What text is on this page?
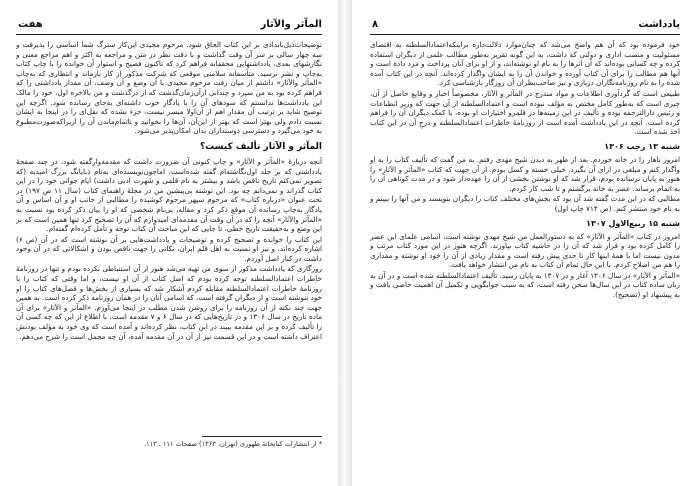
المآثر والآثار
هفت

توضیحات‌ذیل‌بانداذی بر این کتاب الحاق شود. مرحوم مجیدی این‌کار سترگ‌ شما اساسی را پذیرفت و سه چهار سالی بر سر آن وقت گذاشت و با دقت نظر در متن و مراجعه به اکثر و اهم مراجع معنی و نگارشهای بعدی، یادداشتهایی محققانه فراهم کرد که تاکنون فصیح و استوار آن خوانده را با چاپ کتاب به‌چاپ و نشر نرسید. متأسفانه سلامتی موقعی که شرکت مذکور از کار بازماند و انتظاری که به‌چاپ «المآثر والآثار» داشتم از میان رفت مرحوم مجیدی با آن وضع و آن وصف، آن مقدار یادداشتی را که فراهم کرده بود به من سپرد و چندانی ازآن‌زمان‌گذشت که از درگذشت و من بالاخره اول، خود را مالک این یادداشت‌ها ندانستم که سودهای آن را با یادگار خوب داشته‌ای به‌جای رسانده شود. اگرچه این توضیح شاید بر ترتیب آن مقدار اهم از آن‌اولا میسر نیست، جزء نشده که نقل‌ای را در اینجا به ایشان نسبت دادم ولی بهتر است که بهتر از این‌آن، آن‌ها را بخوانید و ناتمام‌ماندن آن را ازیراکه‌صورت‌مطبوع به خود می‌گیرد و دسترسی دوستداران بدان امکان‌پذیر می‌شود.

المآثر و الآثار تألیف کیست؟

آنچه دربارهٔ «المآثر و الآثار» و چاپ کنونی آن ضرورت داشت که مقدمه‌وارگفته شود، در چند صفحهٔ یادداشتی که بر جلد اول‌نگاشته‌ام گفته شده‌است. اماچون‌نویسنده‌ای به‌نام ذبایانگ بزرگ امیدیه (که تصویر نمی‌کنم تاریخ ناقص باشد و بیشتر به نام قلمی و شهرت ادبی داشت) ایام جوانی خود را در این کتاب گذراند و نمی‌دانم چه بود. این نوشته بی‌پیشین من در مجلهٔ راهنمای کتاب (سال ۱۱ ص ۱۹۷) در تحت عنوان «درباره کتاب» که مرحوم سپهر مرحوم کوشیده را مطالبی از جانب او و آن اساس و آن یادگار به‌چاپ رسانده آن موقع ذکر کرد و مقاله، بی‌نام شخصی که او را بیان ذکر کرده بود نسبت به «المآثر والآثار» آنچه را که در آن وقت آن مقدمه‌ای امیدوارم که آن را تصحیح کرد تنها همین است که بر این وضع و به‌حقیقت تاریخ خطی، تا جایی که این مباحث آن کتاب توجه و تأمل کرده‌ام گفته‌ام.

این کتاب را خوانده و تصحیح کرده و توضیحات و یادداشت‌هایی بر آن نوشته است که در آن (ص ۶) اشاره کرده‌اند، و نیز او نسبت به اهل قلم ایران، نکاتی را جهت ناقص بودن و اشکالاتی که در آن وجود داشت در کنار اصل آوردم.

روزگاری که یادداشت مذکور از سوی من تهیه می‌شد هنوز از آن استنباطی نکرده بودم و تنها در روزنامهٔ خاطرات اعتمادالسلطنه توجه کرده بودم که اصل کتاب از آن او نیست، و اما وقتی که کتاب را با روزنامهٔ خاطرات اعتمادالسلطنه مقابله کردم آشکار شد که بسیاری از بخش‌ها و فصل‌های کتاب را او خود ننوشته است و از دیگران گرفته است، که اسامی آنان را در همان روزنامه ذکر کرده است. به همین جهت چند نکته از آن روزنامه را برای روشن شدن مطلب در اینجا می‌آورم. «المآثر و الآثار» برای آن ماده تاریخ در سال ۱۳۰۶ و در تاریخ‌هایی که در سال ۶ و ۷ مقدمه است، با اطلاع از این که چه کسی آن را تألیف کرده و بر این مقدمه ببیند در این کتاب، نظر کرده‌اند و آمده است که وی خود به مؤلف بودنش اعتراف داشته است و در این قسمت نیز از آن در آن مقدمه آمده، آن چه مجمل است را شرح می‌دهم.

* از انتشارات کتابخانهٔ طهوری (تهران، ۱۳۶۳) صفحات ۱۱۱ ـ ۱۱۳.
یادداشت
۸

خود فرموده بود که آن هم واضح می‌شد که چنان‌موارد دلالت‌داره براینکه‌اعتمادالسلطنه به اقتضای مسئولیت و منصب اداری و دولتی که داشت، به این گونه تقریر به‌طور مطالب علمی از دیگران استفاده کرده و چه کسانی بوده‌اند که آن اثرها را به نام او نوشته‌اند، و از او برای آنان پرداخت و مزد داده است و آنها هم مطالب را برای آن کتاب آورده و خواندن آن را به ایشان واگذار کرده‌اند. آنچه در این کتاب آمده شده را به نام روزنامه‌نگاران درباری و نیز صاحب‌نظران آن روزگار بازشناسی کرد.

طبیعی است که گردآوری اطلاعات و مواد مندرج در المآثر و الآثار، مخصوصاً اخبار و وقایع حاصل از آن، چیزی است که به‌طور کامل مختص به مؤلف نبوده است و اعتمادالسلطنه از آن جهت که وزیر انطباعات و رئیس دارالترجمه بوده و تألیف در این زمینه‌ها در قلمرو اختیارات او بوده، با کمک دیگران آن را فراهم کرده است. آنچه در این یادداشت آمده است از روزنامهٔ خاطرات اعتمادالسلطنه و درجِ آن در این کتاب اخذ شده است.

شنبه ۱۳ رجب ۱۳۰۶

امروز ناهار را در خانه خوردم. بعد از ظهر به دیدن شیخ مهدی رفتم. به من گفت که تألیف کتاب را به او واگذار کنم و مبلغی در ازای آن بگیرد. خیلی خسته و کسل بودم. از آن جهت که کتاب «المآثر و الآثار» را هنوز به پایان نرسانده بودم، قرار شد که او نوشتن بخشی از آن را عهده‌دار شود و در مدت کوتاهی آن را به اتمام برساند. عصر به خانه برگشتم و تا شب کار کردم.

مطالبی که در این مدت گفته شد آن بود که بخش‌های مختلف کتاب را دیگران بنویسند و من آنها را ببینم و به نام خود منتشر کنم. (ص ۷۱۴ چاپ اول)

شنبه ۱۵ ربیع‌الاول ۱۳۰۷

امروز در کتاب «المآثر و الآثار» که به دستورالعمل من شیخ مهدی نوشته است، اسامی علمای این عصر را کامل کرده بود و قرار شد که آن را در حاشیه کتاب بیاورند. اگرچه هنوز در این مورد کتاب مرتب و مدون نیست اما با همهٔ اینها کار تا حدی پیش رفته است و مقدار زیادی از آن را خود او نوشته و مقداری را هم من اصلاح کردم. با این حال تمام آن کتاب به نام من انتشار خواهد یافت.

«المآثر و الآثار» در سال ۱۳۰۶ آغاز و در ۱۳۰۷ به پایان رسید. تألیف اعتمادالسلطنه شده است و در آن به زبان ساده کتاب در این سال‌ها سخن رفته است، که به سبب جوابگویی و تکمیل آن اهمیت خاصی یافت و به پیشنهاد او (تصحیح).
